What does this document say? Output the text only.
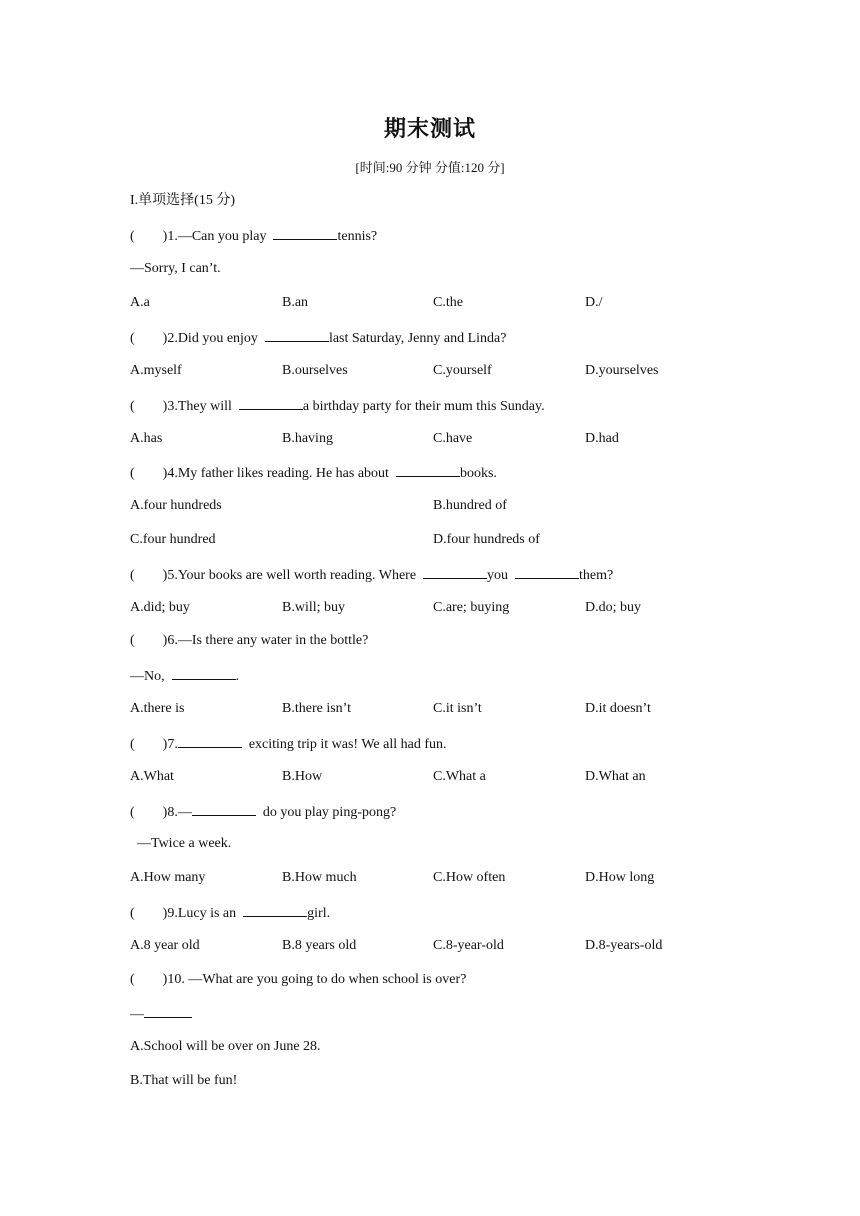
期末测试
[时间:90 分钟 分值:120 分]
I.单项选择(15 分)
(        )1.—Can you play	tennis?
—Sorry, I can’t.
A.a	B.an	C.the	D./
(        )2.Did you enjoy	last Saturday, Jenny and Linda?
A.myself	B.ourselves	C.yourself	D.yourselves
(        )3.They will	a birthday party for their mum this Sunday.
A.has	B.having	C.have	D.had
(        )4.My father likes reading. He has about	books.
A.four hundreds	B.hundred of
C.four hundred	D.four hundreds of
(        )5.Your books are well worth reading. Where	you	them?
A.did; buy	B.will; buy	C.are; buying	D.do; buy
(        )6.—Is there any water in the bottle?
—No,	.
A.there is	B.there isn’t	C.it isn’t	D.it doesn’t
(        )7.	exciting trip it was! We all had fun.
A.What	B.How	C.What a	D.What an
(        )8.—	do you play ping-pong?
—Twice a week.
A.How many	B.How much	C.How often	D.How long
(        )9.Lucy is an	girl.
A.8 year old	B.8 years old	C.8-year-old	D.8-years-old
(        )10. —What are you going to do when school is over?
—
A.School will be over on June 28.
B.That will be fun!
